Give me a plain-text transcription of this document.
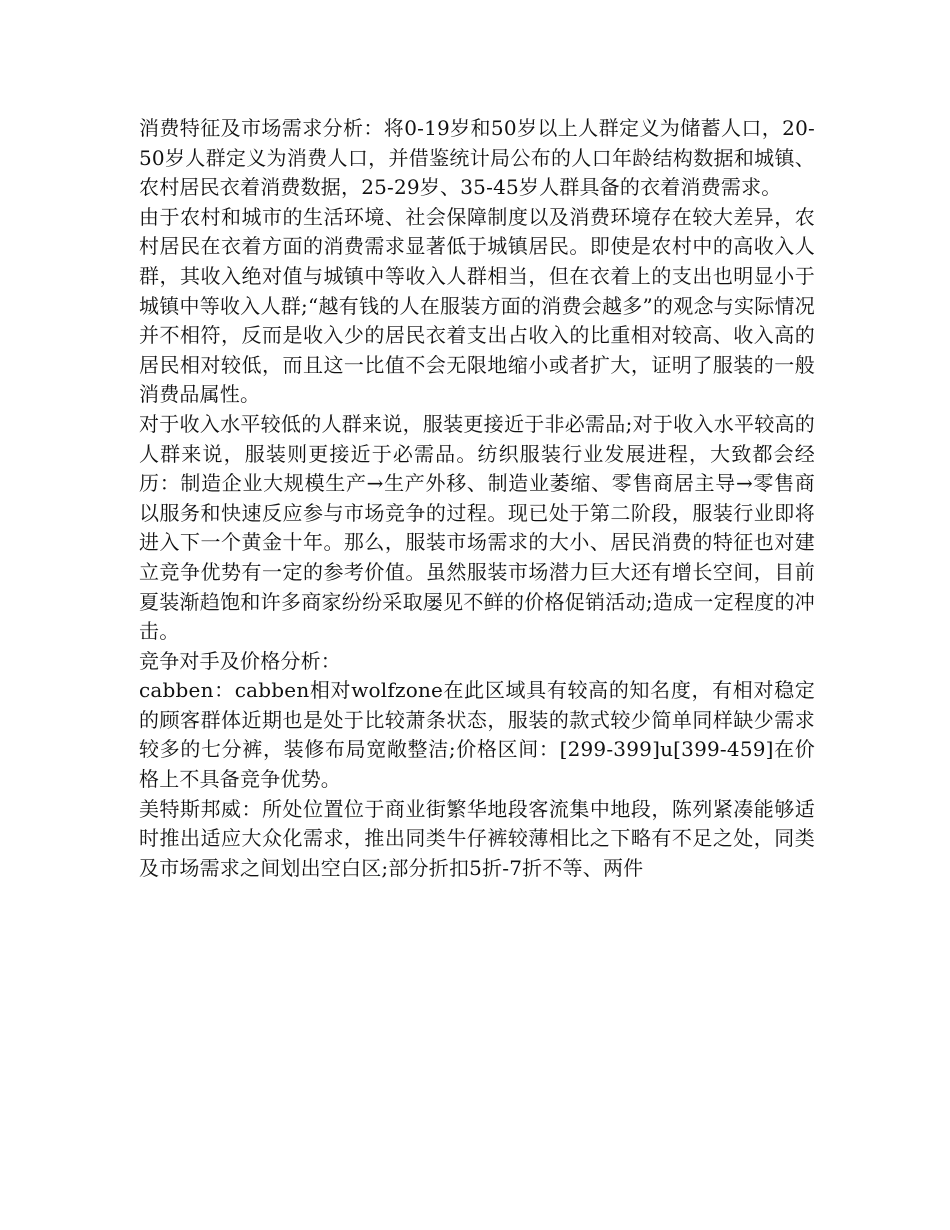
消费特征及市场需求分析：将0-19岁和50岁以上人群定义为储蓄人口，20-50岁人群定义为消费人口，并借鉴统计局公布的人口年龄结构数据和城镇、农村居民衣着消费数据，25-29岁、35-45岁人群具备的衣着消费需求。

由于农村和城市的生活环境、社会保障制度以及消费环境存在较大差异，农村居民在衣着方面的消费需求显著低于城镇居民。即使是农村中的高收入人群，其收入绝对值与城镇中等收入人群相当，但在衣着上的支出也明显小于城镇中等收入人群;“越有钱的人在服装方面的消费会越多”的观念与实际情况并不相符，反而是收入少的居民衣着支出占收入的比重相对较高、收入高的居民相对较低，而且这一比值不会无限地缩小或者扩大，证明了服装的一般消费品属性。

对于收入水平较低的人群来说，服装更接近于非必需品;对于收入水平较高的人群来说，服装则更接近于必需品。纺织服装行业发展进程，大致都会经历：制造企业大规模生产→生产外移、制造业萎缩、零售商居主导→零售商以服务和快速反应参与市场竞争的过程。现已处于第二阶段，服装行业即将进入下一个黄金十年。那么，服装市场需求的大小、居民消费的特征也对建立竞争优势有一定的参考价值。虽然服装市场潜力巨大还有增长空间，目前夏装渐趋饱和许多商家纷纷采取屡见不鲜的价格促销活动;造成一定程度的冲击。

竞争对手及价格分析：

cabben：cabben相对wolfzone在此区域具有较高的知名度，有相对稳定的顾客群体近期也是处于比较萧条状态，服装的款式较少简单同样缺少需求较多的七分裤，装修布局宽敞整洁;价格区间：[299-399]u[399-459]在价格上不具备竞争优势。

美特斯邦威：所处位置位于商业街繁华地段客流集中地段，陈列紧凑能够适时推出适应大众化需求，推出同类牛仔裤较薄相比之下略有不足之处，同类及市场需求之间划出空白区;部分折扣5折-7折不等、两件
